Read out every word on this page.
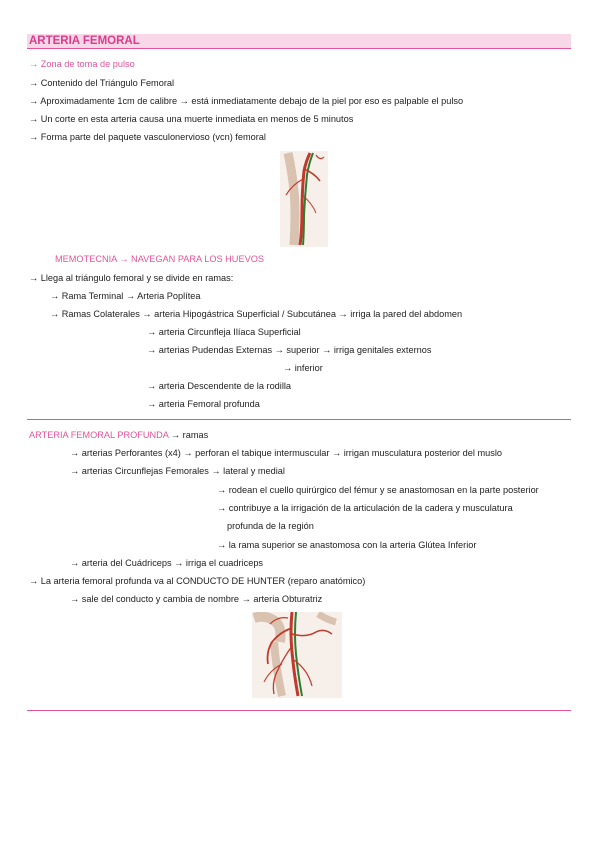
ARTERIA FEMORAL
→ Zona de toma de pulso
→ Contenido del Triángulo Femoral
→ Aproximadamente 1cm de calibre → está inmediatamente debajo de la piel por eso es palpable el pulso
→ Un corte en esta arteria causa una muerte inmediata en menos de 5 minutos
→ Forma parte del paquete vasculonervioso (vcn) femoral
MEMOTECNIA → NAVEGAN PARA LOS HUEVOS
→ Llega al triángulo femoral y se divide en ramas:
→ Rama Terminal → Arteria Poplítea
→ Ramas Colaterales → arteria Hipogástrica Superficial / Subcutánea → irriga la pared del abdomen
→ arteria Circunfleja Ilíaca Superficial
→ arterias Pudendas Externas → superior → irriga genitales externos
→ inferior
→ arteria Descendente de la rodilla
→ arteria Femoral profunda
ARTERIA FEMORAL PROFUNDA → ramas
→ arterias Perforantes (x4) → perforan el tabique intermuscular → irrigan musculatura posterior del muslo
→ arterias Circunflejas Femorales → lateral y medial
→ rodean el cuello quirúrgico del fémur y se anastomosan en la parte posterior
→ contribuye a la irrigación de la articulación de la cadera y musculatura
profunda de la región
→ la rama superior se anastomosa con la arteria Glútea Inferior
→ arteria del Cuádriceps → irriga el cuadriceps
→ La arteria femoral profunda va al CONDUCTO DE HUNTER (reparo anatómico)
→ sale del conducto y cambia de nombre → arteria Obturatriz
